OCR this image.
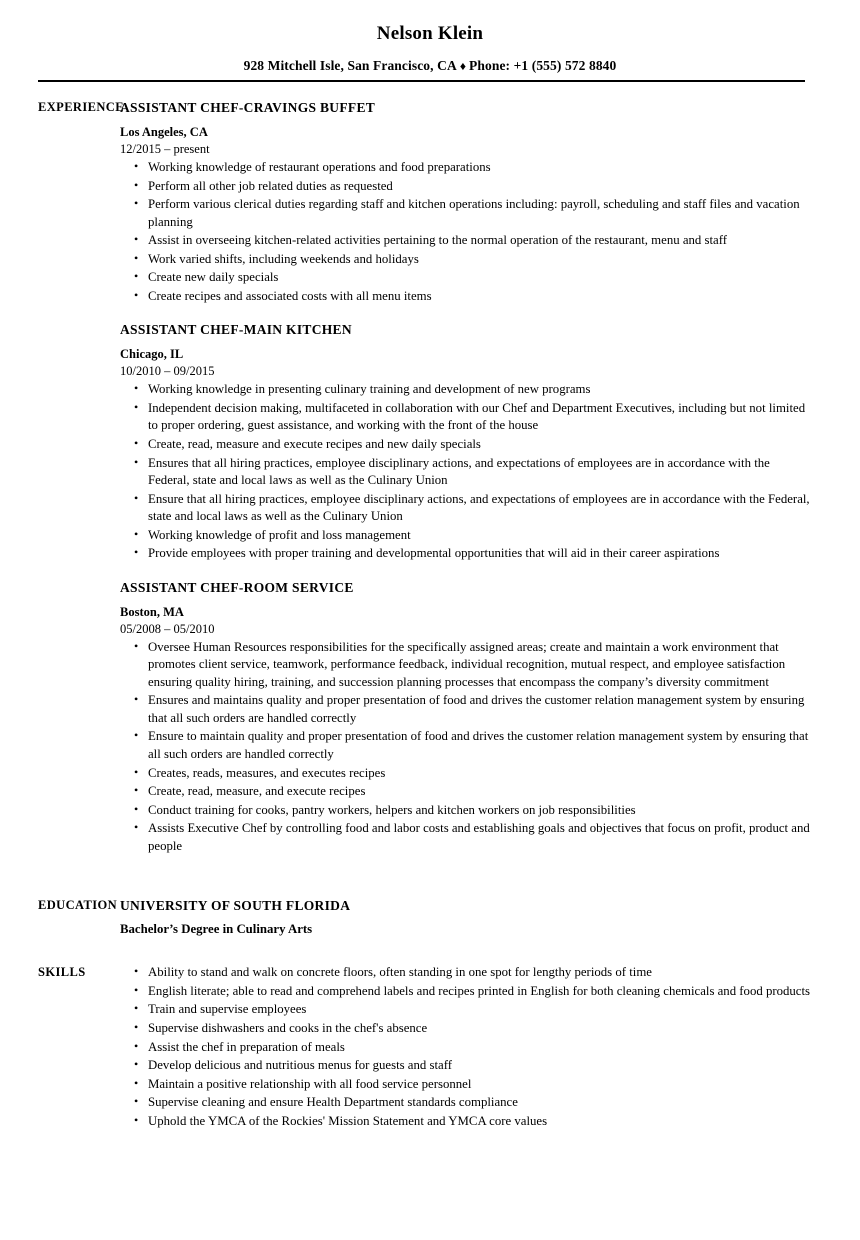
Nelson Klein
928 Mitchell Isle, San Francisco, CA ♦ Phone: +1 (555) 572 8840
EXPERIENCE
ASSISTANT CHEF-CRAVINGS BUFFET
Los Angeles, CA
12/2015 – present
• Working knowledge of restaurant operations and food preparations
• Perform all other job related duties as requested
• Perform various clerical duties regarding staff and kitchen operations including: payroll, scheduling and staff files and vacation planning
• Assist in overseeing kitchen-related activities pertaining to the normal operation of the restaurant, menu and staff
• Work varied shifts, including weekends and holidays
• Create new daily specials
• Create recipes and associated costs with all menu items
ASSISTANT CHEF-MAIN KITCHEN
Chicago, IL
10/2010 – 09/2015
• Working knowledge in presenting culinary training and development of new programs
• Independent decision making, multifaceted in collaboration with our Chef and Department Executives, including but not limited to proper ordering, guest assistance, and working with the front of the house
• Create, read, measure and execute recipes and new daily specials
• Ensures that all hiring practices, employee disciplinary actions, and expectations of employees are in accordance with the Federal, state and local laws as well as the Culinary Union
• Ensure that all hiring practices, employee disciplinary actions, and expectations of employees are in accordance with the Federal, state and local laws as well as the Culinary Union
• Working knowledge of profit and loss management
• Provide employees with proper training and developmental opportunities that will aid in their career aspirations
ASSISTANT CHEF-ROOM SERVICE
Boston, MA
05/2008 – 05/2010
• Oversee Human Resources responsibilities for the specifically assigned areas; create and maintain a work environment that promotes client service, teamwork, performance feedback, individual recognition, mutual respect, and employee satisfaction ensuring quality hiring, training, and succession planning processes that encompass the company’s diversity commitment
• Ensures and maintains quality and proper presentation of food and drives the customer relation management system by ensuring that all such orders are handled correctly
• Ensure to maintain quality and proper presentation of food and drives the customer relation management system by ensuring that all such orders are handled correctly
• Creates, reads, measures, and executes recipes
• Create, read, measure, and execute recipes
• Conduct training for cooks, pantry workers, helpers and kitchen workers on job responsibilities
• Assists Executive Chef by controlling food and labor costs and establishing goals and objectives that focus on profit, product and people
EDUCATION UNIVERSITY OF SOUTH FLORIDA
Bachelor’s Degree in Culinary Arts
SKILLS	• Ability to stand and walk on concrete floors, often standing in one spot for lengthy periods of time
• English literate; able to read and comprehend labels and recipes printed in English for both cleaning chemicals and food products
• Train and supervise employees
• Supervise dishwashers and cooks in the chef's absence
• Assist the chef in preparation of meals
• Develop delicious and nutritious menus for guests and staff
• Maintain a positive relationship with all food service personnel
• Supervise cleaning and ensure Health Department standards compliance
• Uphold the YMCA of the Rockies' Mission Statement and YMCA core values
